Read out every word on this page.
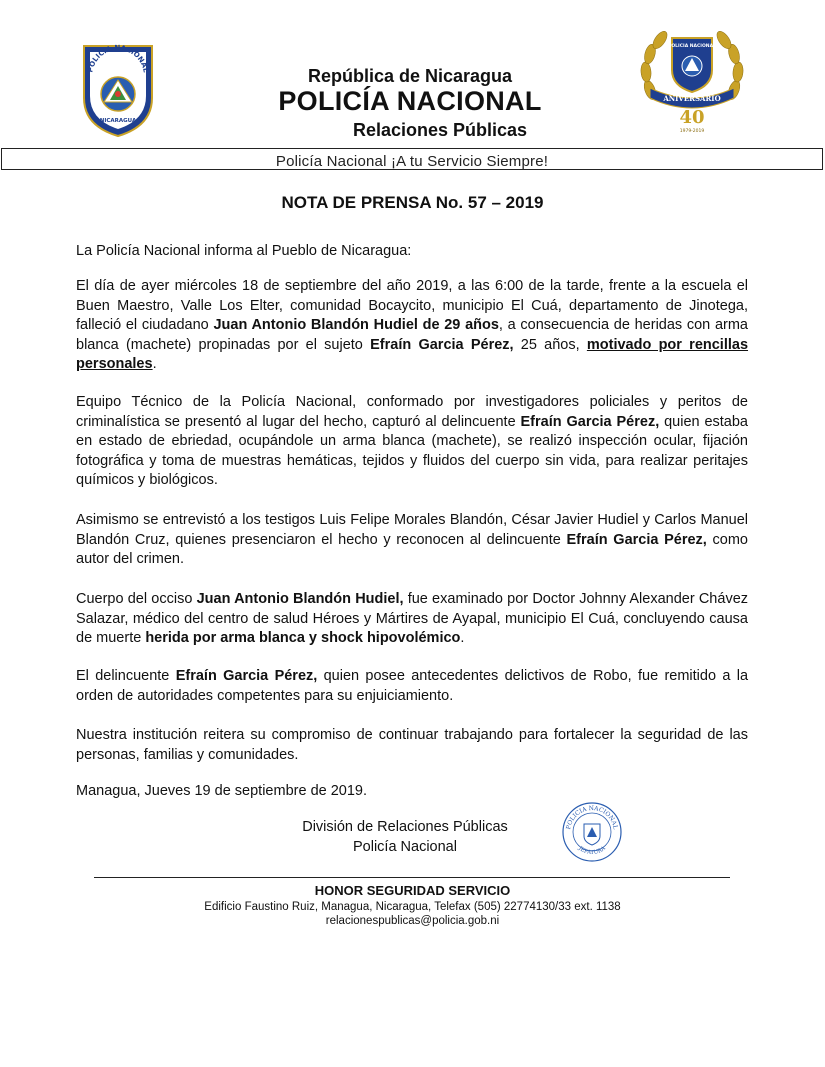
POLICIA NACIONAL
NICARAGUA
República de Nicaragua
POLICÍA NACIONAL
Relaciones Públicas
POLICIA NACIONAL
ANIVERSARIO
40
1979-2019
Policía Nacional ¡A tu Servicio Siempre!
NOTA DE PRENSA No. 57 – 2019
La Policía Nacional informa al Pueblo de Nicaragua:
El día de ayer miércoles 18 de septiembre del año 2019, a las 6:00 de la tarde, frente a la escuela el Buen Maestro, Valle Los Elter, comunidad Bocaycito, municipio El Cuá, departamento de Jinotega, falleció el ciudadano Juan Antonio Blandón Hudiel de 29 años, a consecuencia de heridas con arma blanca (machete) propinadas por el sujeto Efraín Garcia Pérez, 25 años, motivado por rencillas personales.
Equipo Técnico de la Policía Nacional, conformado por investigadores policiales y peritos de criminalística se presentó al lugar del hecho, capturó al delincuente Efraín Garcia Pérez, quien estaba en estado de ebriedad, ocupándole un arma blanca (machete), se realizó inspección ocular, fijación fotográfica y toma de muestras hemáticas, tejidos y fluidos del cuerpo sin vida, para realizar peritajes químicos y biológicos.
Asimismo se entrevistó a los testigos Luis Felipe Morales Blandón, César Javier Hudiel y Carlos Manuel Blandón Cruz, quienes presenciaron el hecho y reconocen al delincuente Efraín Garcia Pérez, como autor del crimen.
Cuerpo del occiso Juan Antonio Blandón Hudiel, fue examinado por Doctor Johnny Alexander Chávez Salazar, médico del centro de salud Héroes y Mártires de Ayapal, municipio El Cuá, concluyendo causa de muerte herida por arma blanca y shock hipovolémico.
El delincuente Efraín Garcia Pérez, quien posee antecedentes delictivos de Robo, fue remitido a la orden de autoridades competentes para su enjuiciamiento.
Nuestra institución reitera su compromiso de continuar trabajando para fortalecer la seguridad de las personas, familias y comunidades.
Managua, Jueves 19 de septiembre de 2019.
División de Relaciones Públicas
Policía Nacional
POLICIA NACIONAL
JEFATURA
HONOR SEGURIDAD SERVICIO
Edificio Faustino Ruiz, Managua, Nicaragua, Telefax (505) 22774130/33 ext. 1138
relacionespublicas@policia.gob.ni
